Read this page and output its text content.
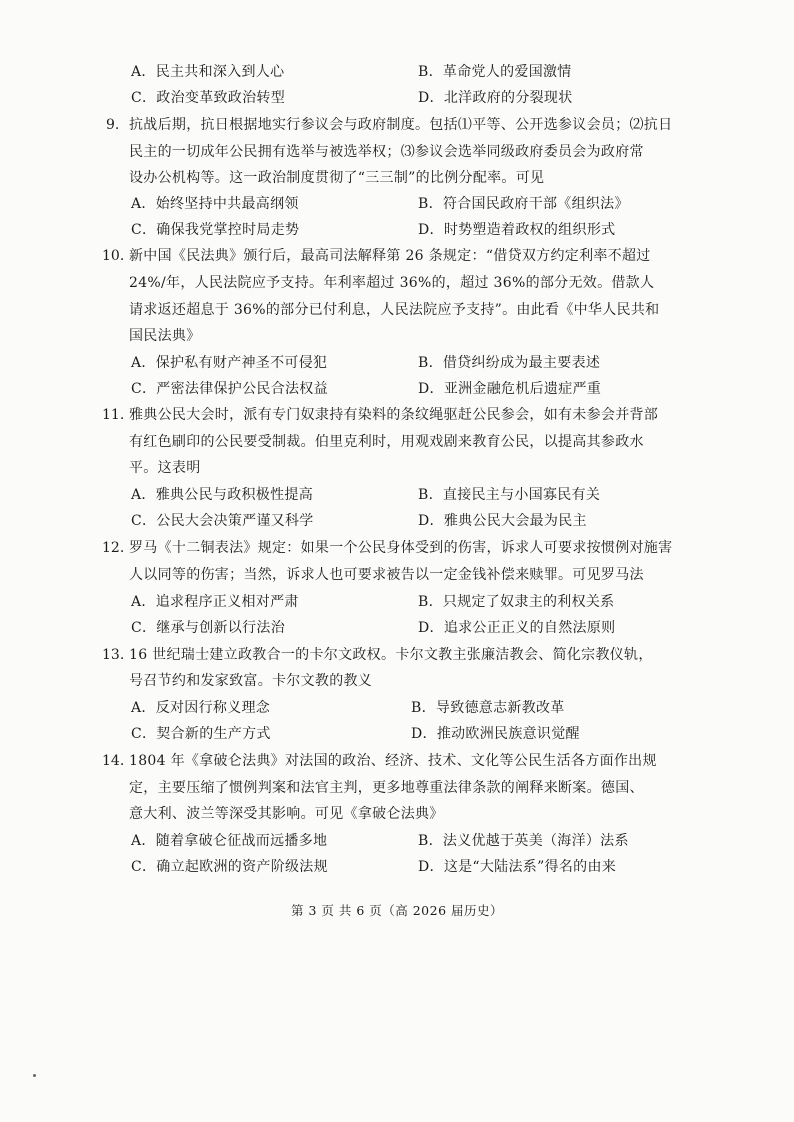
A．民主共和深入到人心	B．革命党人的爱国激情
C．政治变革致政治转型	D．北洋政府的分裂现状
9. 抗战后期，抗日根据地实行参议会与政府制度。包括⑴平等、公开选参议会员；⑵抗日
民主的一切成年公民拥有选举与被选举权；⑶参议会选举同级政府委员会为政府常
设办公机构等。这一政治制度贯彻了“三三制”的比例分配率。可见
A．始终坚持中共最高纲领	B．符合国民政府干部《组织法》
C．确保我党掌控时局走势	D．时势塑造着政权的组织形式
10. 新中国《民法典》颁行后，最高司法解释第 26 条规定：“借贷双方约定利率不超过
24%/年，人民法院应予支持。年利率超过 36%的，超过 36%的部分无效。借款人
请求返还超息于 36%的部分已付利息，人民法院应予支持”。由此看《中华人民共和
国民法典》
A．保护私有财产神圣不可侵犯	B．借贷纠纷成为最主要表述
C．严密法律保护公民合法权益	D．亚洲金融危机后遗症严重
11. 雅典公民大会时，派有专门奴隶持有染料的条纹绳驱赶公民参会，如有未参会并背部
有红色刷印的公民要受制裁。伯里克利时，用观戏剧来教育公民，以提高其参政水
平。这表明
A．雅典公民与政积极性提高	B．直接民主与小国寡民有关
C．公民大会决策严谨又科学	D．雅典公民大会最为民主
12. 罗马《十二铜表法》规定：如果一个公民身体受到的伤害，诉求人可要求按惯例对施害
人以同等的伤害；当然，诉求人也可要求被告以一定金钱补偿来赎罪。可见罗马法
A．追求程序正义相对严肃	B．只规定了奴隶主的利权关系
C．继承与创新以行法治	D．追求公正正义的自然法原则
13. 16 世纪瑞士建立政教合一的卡尔文政权。卡尔文教主张廉洁教会、简化宗教仪轨，
号召节约和发家致富。卡尔文教的教义
A．反对因行称义理念	B．导致德意志新教改革
C．契合新的生产方式	D．推动欧洲民族意识觉醒
14. 1804 年《拿破仑法典》对法国的政治、经济、技术、文化等公民生活各方面作出规
定，主要压缩了惯例判案和法官主判，更多地尊重法律条款的阐释来断案。德国、
意大利、波兰等深受其影响。可见《拿破仑法典》
A．随着拿破仑征战而远播多地	B．法义优越于英美（海洋）法系
C．确立起欧洲的资产阶级法规	D．这是“大陆法系”得名的由来
第 3 页 共 6 页（高 2026 届历史）
